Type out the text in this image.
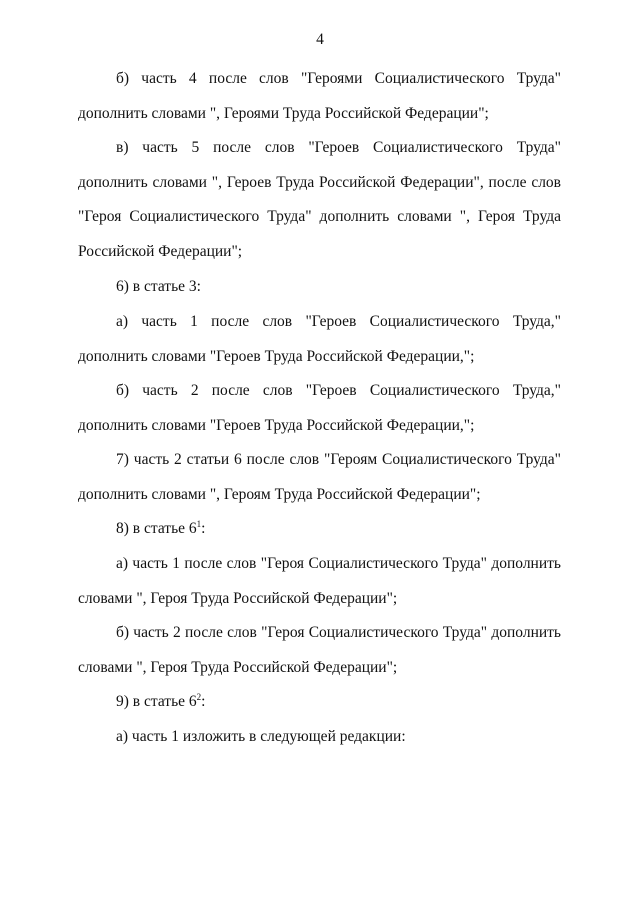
4

б) часть 4 после слов "Героями Социалистического Труда" дополнить словами ", Героями Труда Российской Федерации";

в) часть 5 после слов "Героев Социалистического Труда" дополнить словами ", Героев Труда Российской Федерации", после слов "Героя Социалистического Труда" дополнить словами ", Героя Труда Российской Федерации";

6) в статье 3:

а) часть 1 после слов "Героев Социалистического Труда," дополнить словами "Героев Труда Российской Федерации,";

б) часть 2 после слов "Героев Социалистического Труда," дополнить словами "Героев Труда Российской Федерации,";

7) часть 2 статьи 6 после слов "Героям Социалистического Труда" дополнить словами ", Героям Труда Российской Федерации";

8) в статье $6^1$:

а) часть 1 после слов "Героя Социалистического Труда" дополнить словами ", Героя Труда Российской Федерации";

б) часть 2 после слов "Героя Социалистического Труда" дополнить словами ", Героя Труда Российской Федерации";

9) в статье $6^2$:

а) часть 1 изложить в следующей редакции:
